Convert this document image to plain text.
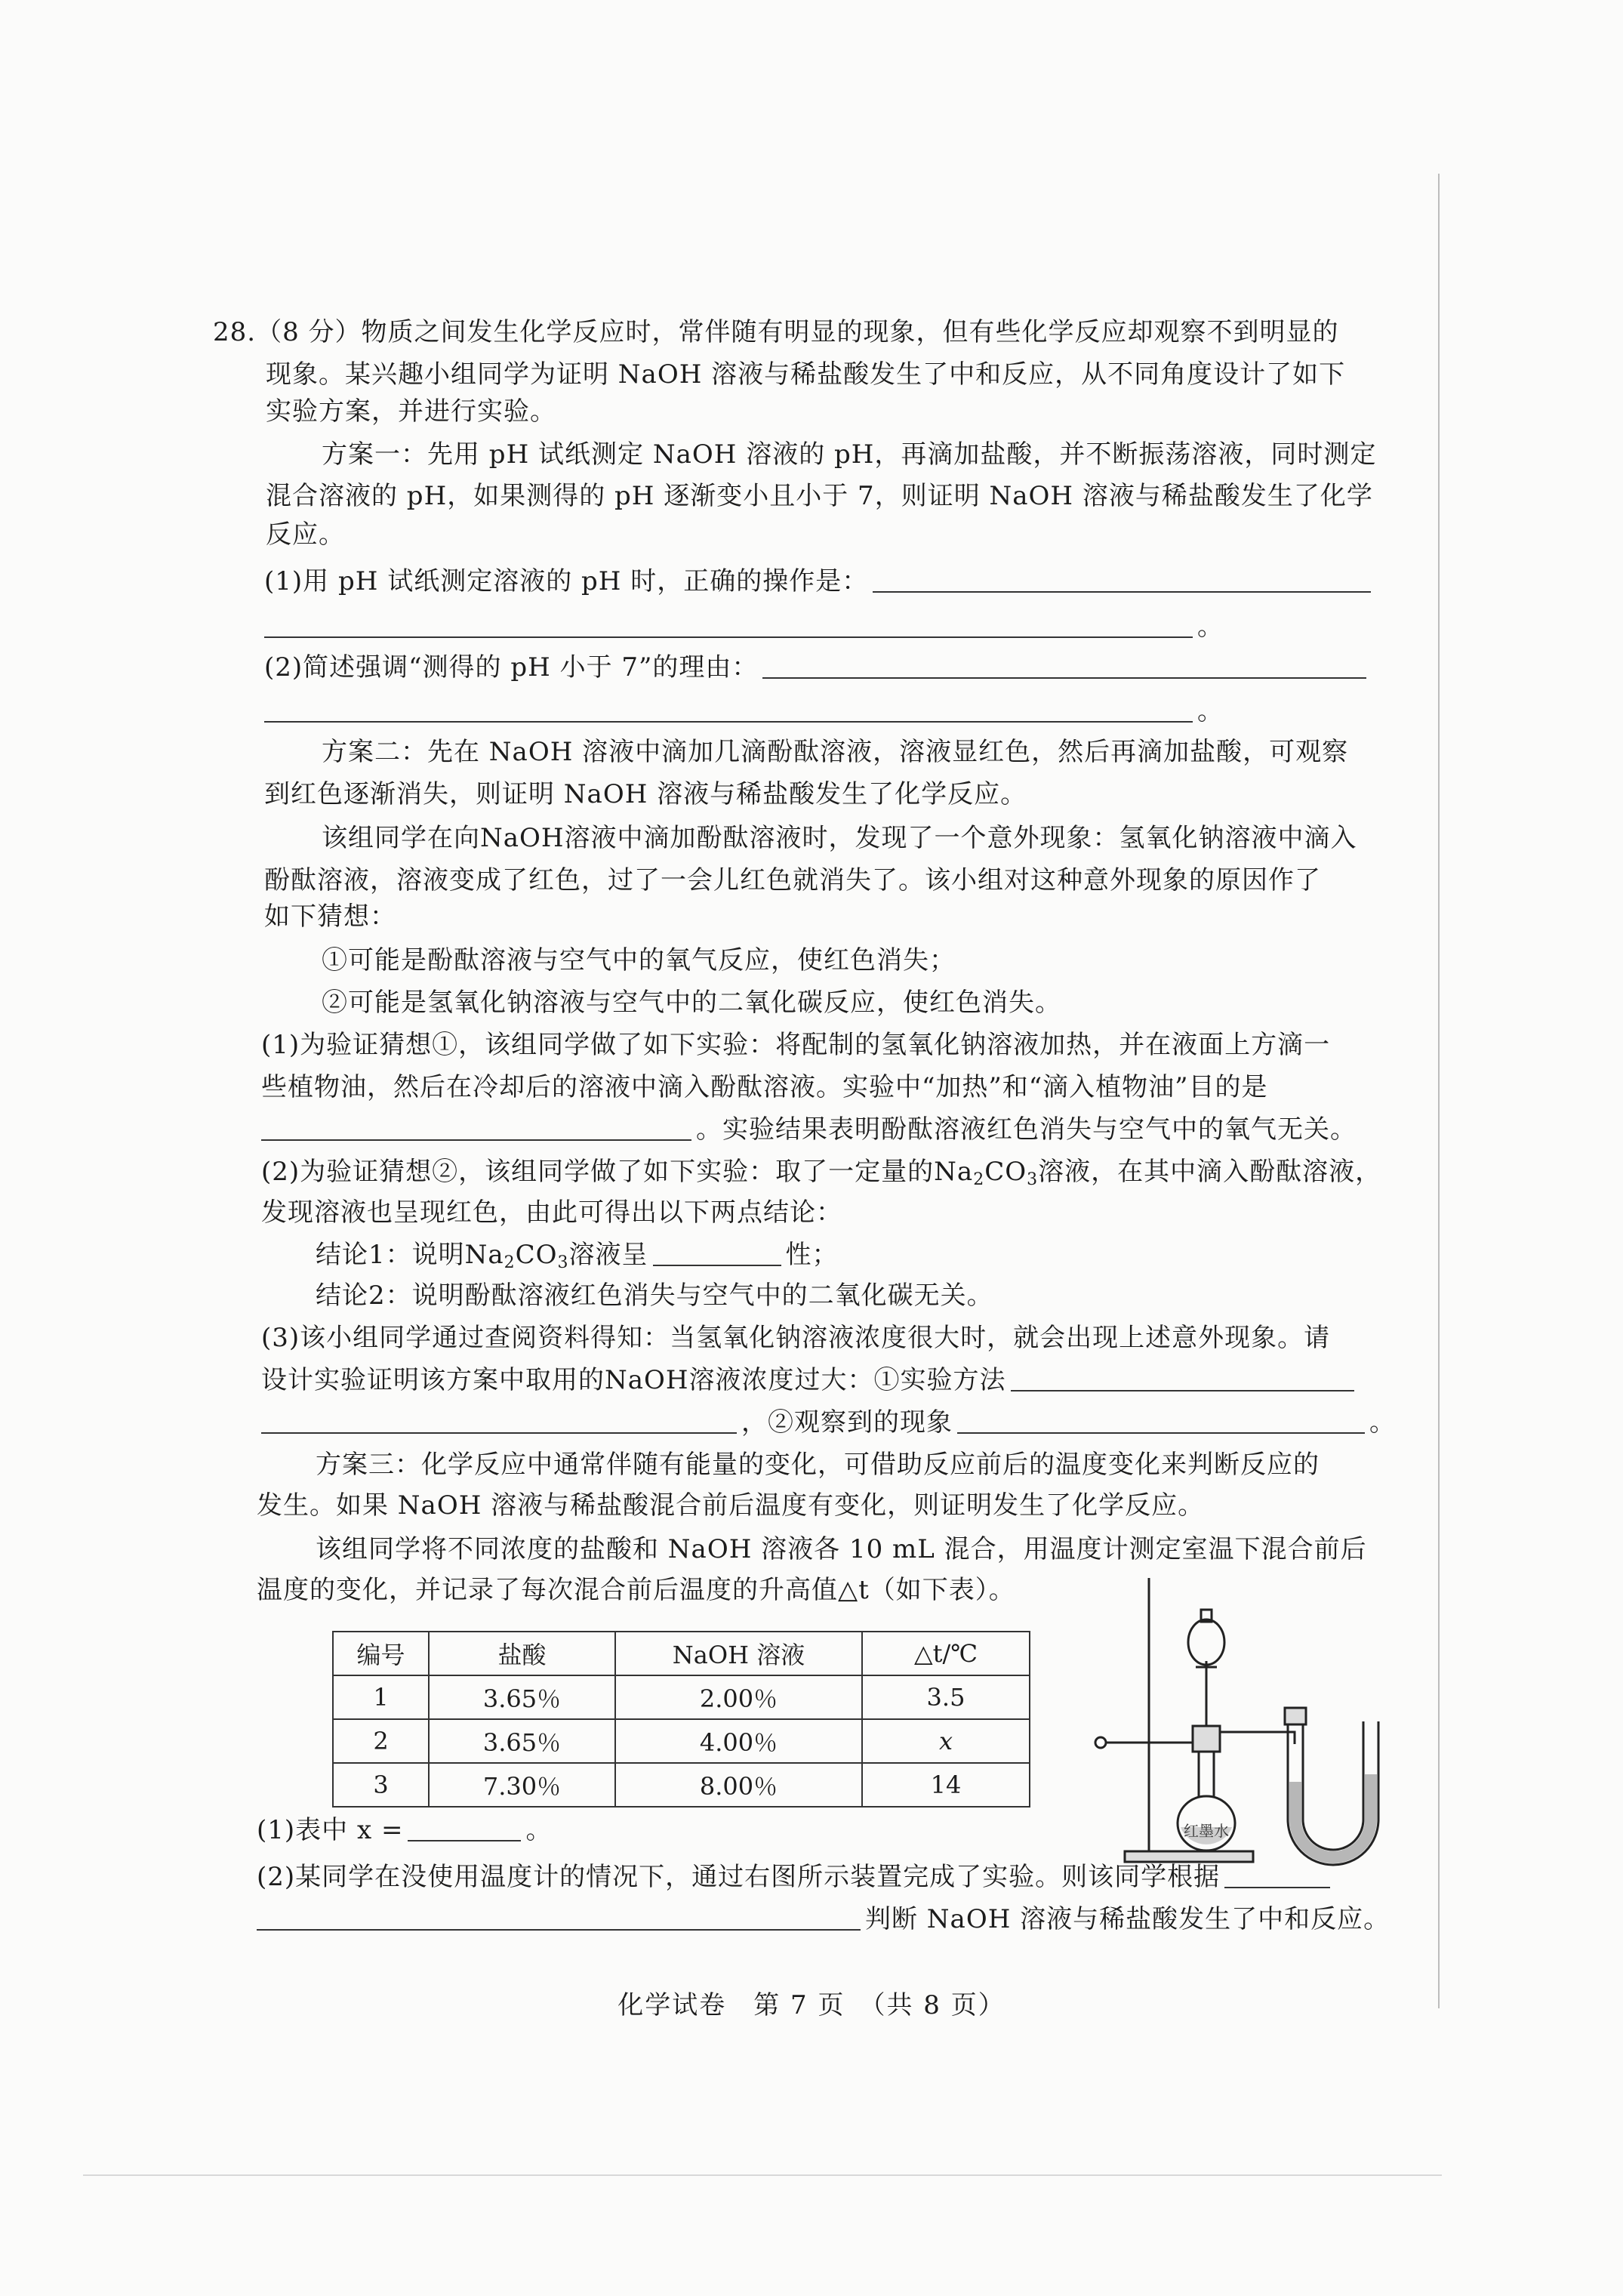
28.（8 分）物质之间发生化学反应时，常伴随有明显的现象，但有些化学反应却观察不到明显的
现象。某兴趣小组同学为证明 NaOH 溶液与稀盐酸发生了中和反应，从不同角度设计了如下
实验方案，并进行实验。
方案一：先用 pH 试纸测定 NaOH 溶液的 pH，再滴加盐酸，并不断振荡溶液，同时测定
混合溶液的 pH，如果测得的 pH 逐渐变小且小于 7，则证明 NaOH 溶液与稀盐酸发生了化学
反应。
(1)用 pH 试纸测定溶液的 pH 时，正确的操作是：
。
(2)简述强调“测得的 pH 小于 7”的理由：
。
方案二：先在 NaOH 溶液中滴加几滴酚酞溶液，溶液显红色，然后再滴加盐酸，可观察
到红色逐渐消失，则证明 NaOH 溶液与稀盐酸发生了化学反应。
该组同学在向NaOH溶液中滴加酚酞溶液时，发现了一个意外现象：氢氧化钠溶液中滴入
酚酞溶液，溶液变成了红色，过了一会儿红色就消失了。该小组对这种意外现象的原因作了
如下猜想：
①可能是酚酞溶液与空气中的氧气反应，使红色消失；
②可能是氢氧化钠溶液与空气中的二氧化碳反应，使红色消失。
(1)为验证猜想①，该组同学做了如下实验：将配制的氢氧化钠溶液加热，并在液面上方滴一
些植物油，然后在冷却后的溶液中滴入酚酞溶液。实验中“加热”和“滴入植物油”目的是
。实验结果表明酚酞溶液红色消失与空气中的氧气无关。
(2)为验证猜想②，该组同学做了如下实验：取了一定量的$Na_2CO_3$溶液，在其中滴入酚酞溶液，
发现溶液也呈现红色，由此可得出以下两点结论：
结论1：说明$Na_2CO_3$溶液呈	性；
结论2：说明酚酞溶液红色消失与空气中的二氧化碳无关。
(3)该小组同学通过查阅资料得知：当氢氧化钠溶液浓度很大时，就会出现上述意外现象。请
设计实验证明该方案中取用的NaOH溶液浓度过大：①实验方法
，②观察到的现象	。
方案三：化学反应中通常伴随有能量的变化，可借助反应前后的温度变化来判断反应的
发生。如果 NaOH 溶液与稀盐酸混合前后温度有变化，则证明发生了化学反应。
该组同学将不同浓度的盐酸和 NaOH 溶液各 10 mL 混合，用温度计测定室温下混合前后
温度的变化，并记录了每次混合前后温度的升高值△t（如下表）。
编号	盐酸	NaOH 溶液	△t/℃
1	3.65％	2.00％	3.5
2	3.65％	4.00％	x
3	7.30％	8.00％	14
红墨水
(1)表中 x =	。
(2)某同学在没使用温度计的情况下，通过右图所示装置完成了实验。则该同学根据
判断 NaOH 溶液与稀盐酸发生了中和反应。
化学试卷　第 7 页　（共 8 页）
